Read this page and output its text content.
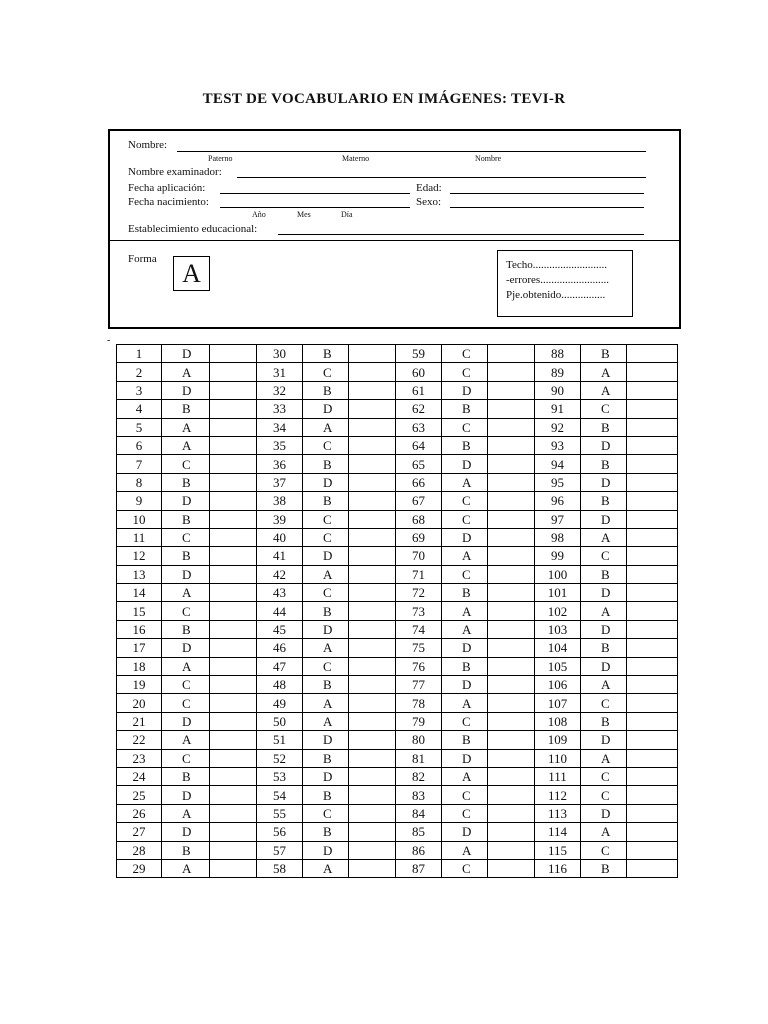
TEST DE VOCABULARIO EN IMÁGENES: TEVI-R
Nombre:
Paterno	Materno	Nombre
Nombre examinador:
Fecha aplicación:	Edad:
Fecha nacimiento:	Sexo:
Año	Mes	Día
Establecimiento educacional:
Forma A	Techo...........................
-errores.........................
Pje.obtenido................
-
1	D		30	B		59	C		88	B	
2	A		31	C		60	C		89	A	
3	D		32	B		61	D		90	A	
4	B		33	D		62	B		91	C	
5	A		34	A		63	C		92	B	
6	A		35	C		64	B		93	D	
7	C		36	B		65	D		94	B	
8	B		37	D		66	A		95	D	
9	D		38	B		67	C		96	B	
10	B		39	C		68	C		97	D	
11	C		40	C		69	D		98	A	
12	B		41	D		70	A		99	C	
13	D		42	A		71	C		100	B	
14	A		43	C		72	B		101	D	
15	C		44	B		73	A		102	A	
16	B		45	D		74	A		103	D	
17	D		46	A		75	D		104	B	
18	A		47	C		76	B		105	D	
19	C		48	B		77	D		106	A	
20	C		49	A		78	A		107	C	
21	D		50	A		79	C		108	B	
22	A		51	D		80	B		109	D	
23	C		52	B		81	D		110	A	
24	B		53	D		82	A		111	C	
25	D		54	B		83	C		112	C	
26	A		55	C		84	C		113	D	
27	D		56	B		85	D		114	A	
28	B		57	D		86	A		115	C	
29	A		58	A		87	C		116	B	
